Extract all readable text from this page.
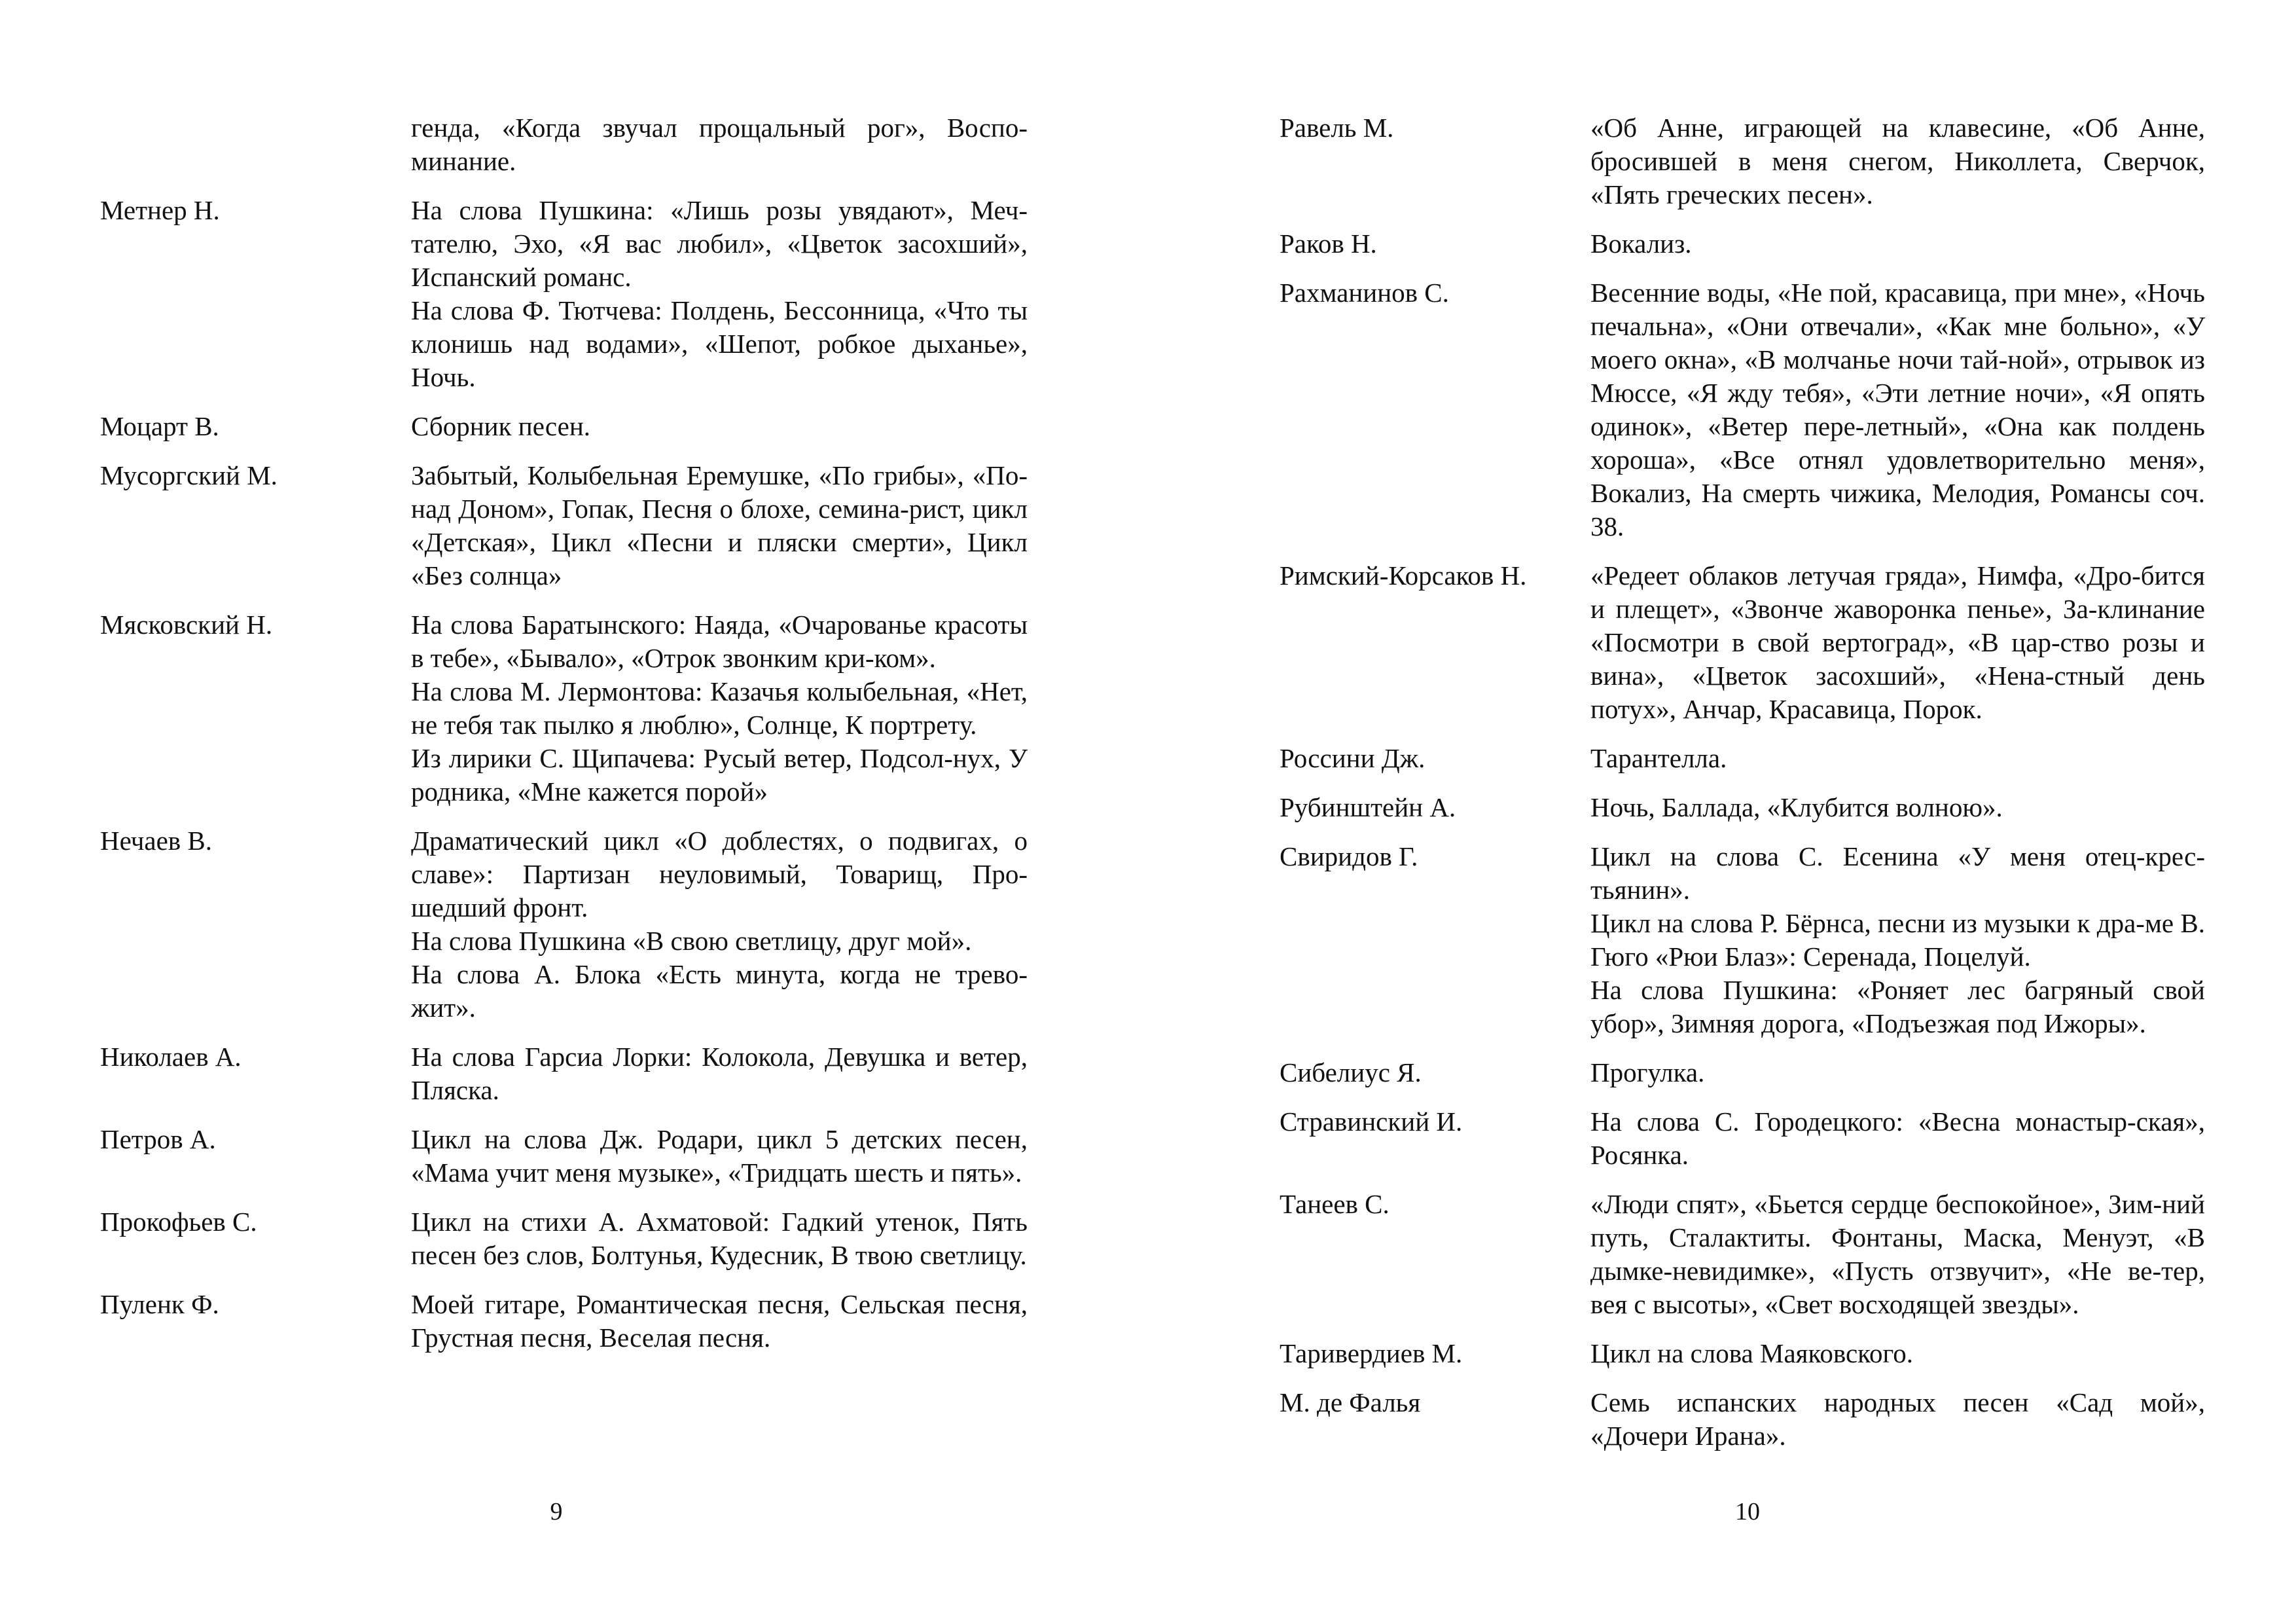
генда, «Когда звучал прощальный рог», Воспо-минание.
Метнер Н.	На слова Пушкина: «Лишь розы увядают», Меч-тателю, Эхо, «Я вас любил», «Цветок засохший», Испанский романс.
На слова Ф. Тютчева: Полдень, Бессонница, «Что ты клонишь над водами», «Шепот, робкое дыханье», Ночь.
Моцарт В.	Сборник песен.
Мусоргский М.	Забытый, Колыбельная Еремушке, «По грибы», «По-над Доном», Гопак, Песня о блохе, семина-рист, цикл «Детская», Цикл «Песни и пляски смерти», Цикл «Без солнца»
Мясковский Н.	На слова Баратынского: Наяда, «Очарованье красоты в тебе», «Бывало», «Отрок звонким кри-ком».
На слова М. Лермонтова: Казачья колыбельная, «Нет, не тебя так пылко я люблю», Солнце, К портрету.
Из лирики С. Щипачева: Русый ветер, Подсол-нух, У родника, «Мне кажется порой»
Нечаев В.	Драматический цикл «О доблестях, о подвигах, о славе»: Партизан неуловимый, Товарищ, Про-шедший фронт.
На слова Пушкина «В свою светлицу, друг мой».
На слова А. Блока «Есть минута, когда не трево-жит».
Николаев А.	На слова Гарсиа Лорки: Колокола, Девушка и ветер, Пляска.
Петров А.	Цикл на слова Дж. Родари, цикл 5 детских песен, «Мама учит меня музыке», «Тридцать шесть и пять».
Прокофьев С.	Цикл на стихи А. Ахматовой: Гадкий утенок, Пять песен без слов, Болтунья, Кудесник, В твою светлицу.
Пуленк Ф.	Моей гитаре, Романтическая песня, Сельская песня, Грустная песня, Веселая песня.
9
Равель М.	«Об Анне, играющей на клавесине, «Об Анне, бросившей в меня снегом, Николлета, Сверчок, «Пять греческих песен».
Раков Н.	Вокализ.
Рахманинов С.	Весенние воды, «Не пой, красавица, при мне», «Ночь печальна», «Они отвечали», «Как мне больно», «У моего окна», «В молчанье ночи тай-ной», отрывок из Мюссе, «Я жду тебя», «Эти летние ночи», «Я опять одинок», «Ветер пере-летный», «Она как полдень хороша», «Все отнял удовлетворительно меня», Вокализ, На смерть чижика, Мелодия, Романсы соч. 38.
Римский-Корсаков Н.	«Редеет облаков летучая гряда», Нимфа, «Дро-бится и плещет», «Звонче жаворонка пенье», За-клинание «Посмотри в свой вертоград», «В цар-ство розы и вина», «Цветок засохший», «Нена-стный день потух», Анчар, Красавица, Порок.
Россини Дж.	Тарантелла.
Рубинштейн А.	Ночь, Баллада, «Клубится волною».
Свиридов Г.	Цикл на слова С. Есенина «У меня отец-крес-тьянин».
Цикл на слова Р. Бёрнса, песни из музыки к дра-ме В. Гюго «Рюи Блаз»: Серенада, Поцелуй.
На слова Пушкина: «Роняет лес багряный свой убор», Зимняя дорога, «Подъезжая под Ижоры».
Сибелиус Я.	Прогулка.
Стравинский И.	На слова С. Городецкого: «Весна монастыр-ская», Росянка.
Танеев С.	«Люди спят», «Бьется сердце беспокойное», Зим-ний путь, Сталактиты. Фонтаны, Маска, Менуэт, «В дымке-невидимке», «Пусть отзвучит», «Не ве-тер, вея с высоты», «Свет восходящей звезды».
Таривердиев М.	Цикл на слова Маяковского.
М. де Фалья	Семь испанских народных песен «Сад мой», «Дочери Ирана».
10
